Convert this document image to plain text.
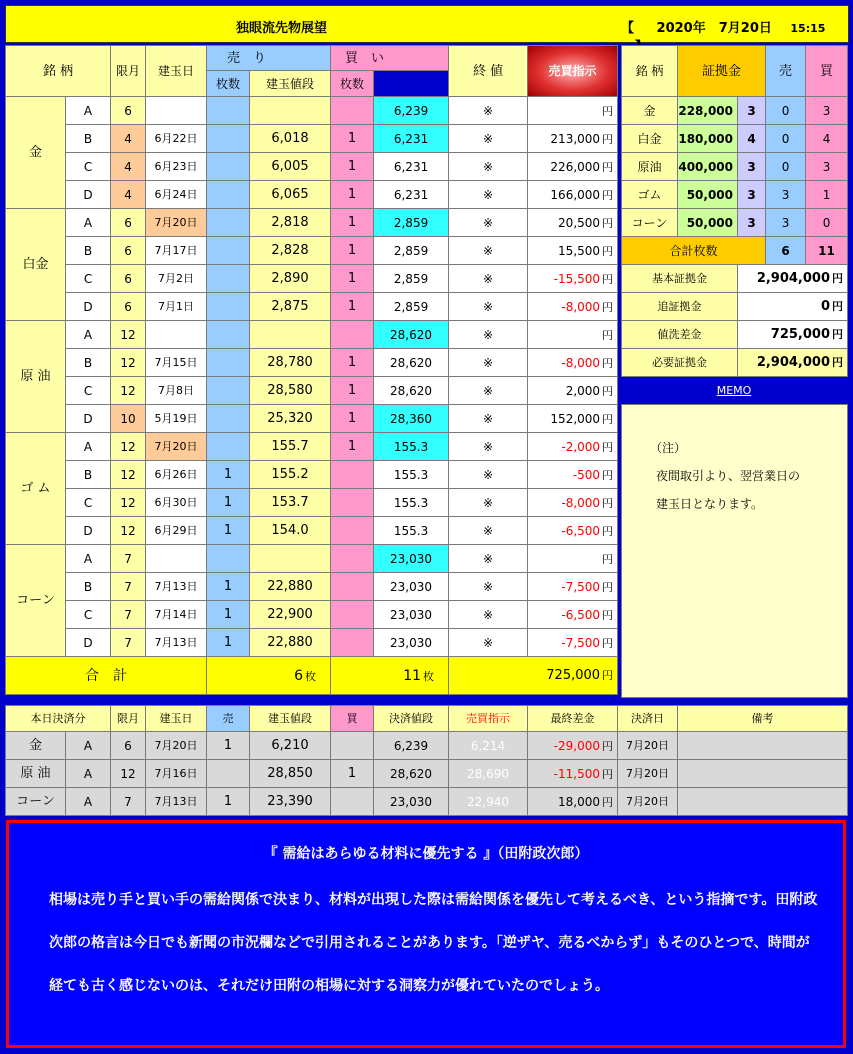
独眼流先物展望	【 2020年　7月20日 15:15
銘 柄		限月	建玉日	売　り		買　い		終 値	売買指示	
				枚数	建玉値段	枚数				
金	A	6					6,239	※	円	
	B	4	6月22日		6,018	1	6,231	※	213,000 円	
	C	4	6月23日		6,005	1	6,231	※	226,000 円	
	D	4	6月24日		6,065	1	6,231	※	166,000 円	
白金	A	6	7月20日		2,818	1	2,859	※	20,500 円	
	B	6	7月17日		2,828	1	2,859	※	15,500 円	
	C	6	7月2日		2,890	1	2,859	※	-15,500 円	
	D	6	7月1日		2,875	1	2,859	※	-8,000 円	
原 油	A	12					28,620	※	円	
	B	12	7月15日		28,780	1	28,620	※	-8,000 円	
	C	12	7月8日		28,580	1	28,620	※	2,000 円	
	D	10	5月19日		25,320	1	28,360	※	152,000 円	
ゴ ム	A	12	7月20日		155.7	1	155.3	※	-2,000 円	
	B	12	6月26日	1	155.2		155.3	※	-500 円	
	C	12	6月30日	1	153.7		155.3	※	-8,000 円	
	D	12	6月29日	1	154.0		155.3	※	-6,500 円	
コーン	A	7					23,030	※	円	
	B	7	7月13日	1	22,880		23,030	※	-7,500 円	
	C	7	7月14日	1	22,900		23,030	※	-6,500 円	
	D	7	7月13日	1	22,880		23,030	※	-7,500 円	
合　計				6 枚		11 枚		725,000 円		
銘 柄	証拠金		売	買
金	228,000	3	0	3
白金	180,000	4	0	4
原油	400,000	3	0	3
ゴム	50,000	3	3	1
コーン	50,000	3	3	0
合計枚数			6	11
基本証拠金		2,904,000 円		
追証拠金		0 円		
値洗差金		725,000 円		
必要証拠金		2,904,000 円		
MEMO
（注）
夜間取引より、翌営業日の
建玉日となります。
本日決済分		限月	建玉日	売	建玉値段	買	決済値段	売買指示	最終差金	決済日	備考
金	A	6	7月20日	1	6,210		6,239	6,214	-29,000 円	7月20日	
原 油	A	12	7月16日		28,850	1	28,620	28,690	-11,500 円	7月20日	
コーン	A	7	7月13日	1	23,390		23,030	22,940	18,000 円	7月20日	
『 需給はあらゆる材料に優先する 』（田附政次郎）
相場は売り手と買い手の需給関係で決まり、材料が出現した際は需給関係を優先して考えるべき、という指摘です。田附政次郎の格言は今日でも新聞の市況欄などで引用されることがあります。「逆ザヤ、売るべからず」もそのひとつで、時間が経ても古く感じないのは、それだけ田附の相場に対する洞察力が優れていたのでしょう。
